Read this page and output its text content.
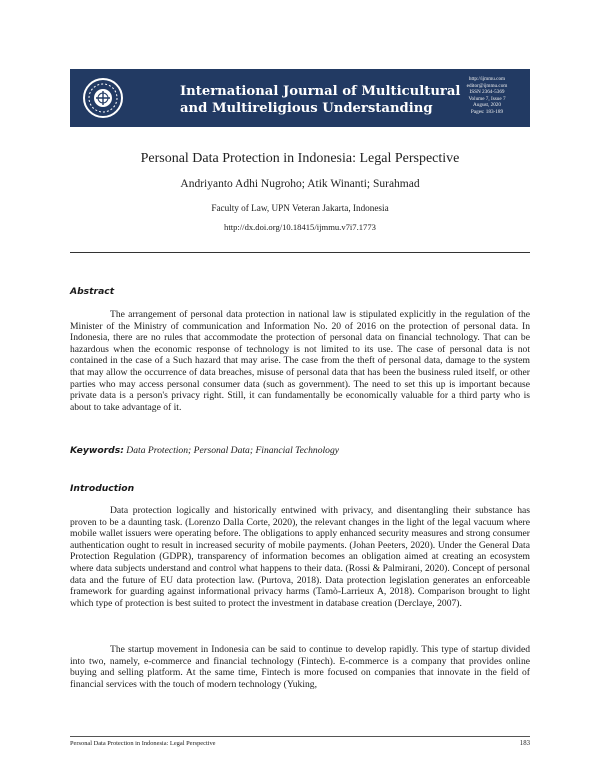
International Journal of Multicultural
and Multireligious Understanding
http://ijmmu.com
editor@ijmmu.com
ISSN 2364-5369
Volume 7, Issue 7
August, 2020
Pages: 183-189
Personal Data Protection in Indonesia: Legal Perspective
Andriyanto Adhi Nugroho; Atik Winanti; Surahmad
Faculty of Law, UPN Veteran Jakarta, Indonesia
http://dx.doi.org/10.18415/ijmmu.v7i7.1773
Abstract

The arrangement of personal data protection in national law is stipulated explicitly in the regulation of the Minister of the Ministry of communication and Information No. 20 of 2016 on the protection of personal data. In Indonesia, there are no rules that accommodate the protection of personal data on financial technology. That can be hazardous when the economic response of technology is not limited to its use. The case of personal data is not contained in the case of a Such hazard that may arise. The case from the theft of personal data, damage to the system that may allow the occurrence of data breaches, misuse of personal data that has been the business ruled itself, or other parties who may access personal consumer data (such as government). The need to set this up is important because private data is a person's privacy right. Still, it can fundamentally be economically valuable for a third party who is about to take advantage of it.

Keywords: Data Protection; Personal Data; Financial Technology
Introduction

Data protection logically and historically entwined with privacy, and disentangling their substance has proven to be a daunting task. (Lorenzo Dalla Corte, 2020), the relevant changes in the light of the legal vacuum where mobile wallet issuers were operating before. The obligations to apply enhanced security measures and strong consumer authentication ought to result in increased security of mobile payments. (Johan Peeters, 2020). Under the General Data Protection Regulation (GDPR), transparency of information becomes an obligation aimed at creating an ecosystem where data subjects understand and control what happens to their data. (Rossi & Palmirani, 2020). Concept of personal data and the future of EU data protection law. (Purtova, 2018). Data protection legislation generates an enforceable framework for guarding against informational privacy harms (Tamò-Larrieux A, 2018). Comparison brought to light which type of protection is best suited to protect the investment in database creation (Derclaye, 2007).

The startup movement in Indonesia can be said to continue to develop rapidly. This type of startup divided into two, namely, e-commerce and financial technology (Fintech). E-commerce is a company that provides online buying and selling platform. At the same time, Fintech is more focused on companies that innovate in the field of financial services with the touch of modern technology (Yuking,

Personal Data Protection in Indonesia: Legal Perspective	183
